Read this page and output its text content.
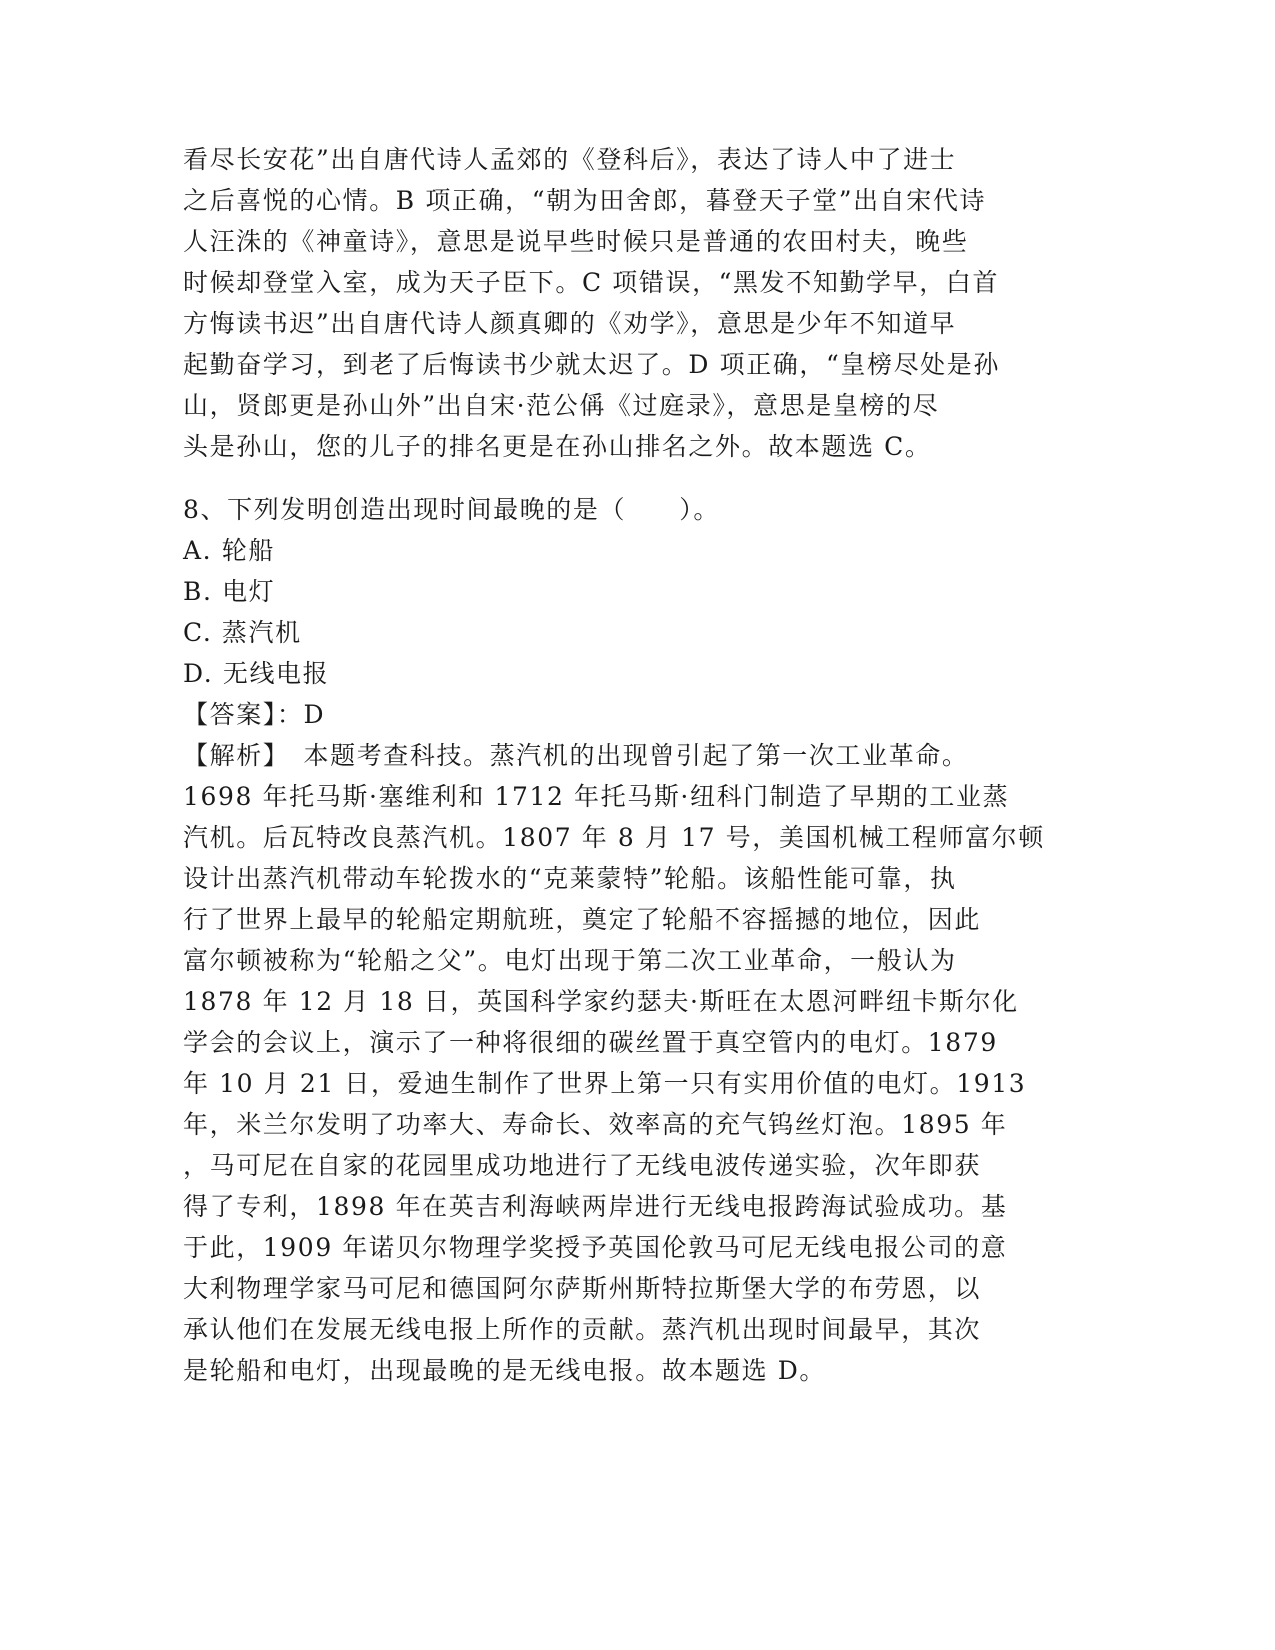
看尽长安花”出自唐代诗人孟郊的《登科后》，表达了诗人中了进士

之后喜悦的心情。B 项正确，“朝为田舍郎，暮登天子堂”出自宋代诗

人汪洙的《神童诗》，意思是说早些时候只是普通的农田村夫，晚些

时候却登堂入室，成为天子臣下。C 项错误，“黑发不知勤学早，白首

方悔读书迟”出自唐代诗人颜真卿的《劝学》，意思是少年不知道早

起勤奋学习，到老了后悔读书少就太迟了。D 项正确，“皇榜尽处是孙

山，贤郎更是孙山外”出自宋·范公偁《过庭录》，意思是皇榜的尽

头是孙山，您的儿子的排名更是在孙山排名之外。故本题选 C。

8、下列发明创造出现时间最晚的是（　　）。

A. 轮船

B. 电灯

C. 蒸汽机

D. 无线电报

【答案】：D

【解析】　本题考查科技。蒸汽机的出现曾引起了第一次工业革命。

1698 年托马斯·塞维利和 1712 年托马斯·纽科门制造了早期的工业蒸

汽机。后瓦特改良蒸汽机。1807 年 8 月 17 号，美国机械工程师富尔顿

设计出蒸汽机带动车轮拨水的“克莱蒙特”轮船。该船性能可靠，执

行了世界上最早的轮船定期航班，奠定了轮船不容摇撼的地位，因此

富尔顿被称为“轮船之父”。电灯出现于第二次工业革命，一般认为

1878 年 12 月 18 日，英国科学家约瑟夫·斯旺在太恩河畔纽卡斯尔化

学会的会议上，演示了一种将很细的碳丝置于真空管内的电灯。1879

年 10 月 21 日，爱迪生制作了世界上第一只有实用价值的电灯。1913

年，米兰尔发明了功率大、寿命长、效率高的充气钨丝灯泡。1895 年

，马可尼在自家的花园里成功地进行了无线电波传递实验，次年即获

得了专利，1898 年在英吉利海峡两岸进行无线电报跨海试验成功。基

于此，1909 年诺贝尔物理学奖授予英国伦敦马可尼无线电报公司的意

大利物理学家马可尼和德国阿尔萨斯州斯特拉斯堡大学的布劳恩，以

承认他们在发展无线电报上所作的贡献。蒸汽机出现时间最早，其次

是轮船和电灯，出现最晚的是无线电报。故本题选 D。
